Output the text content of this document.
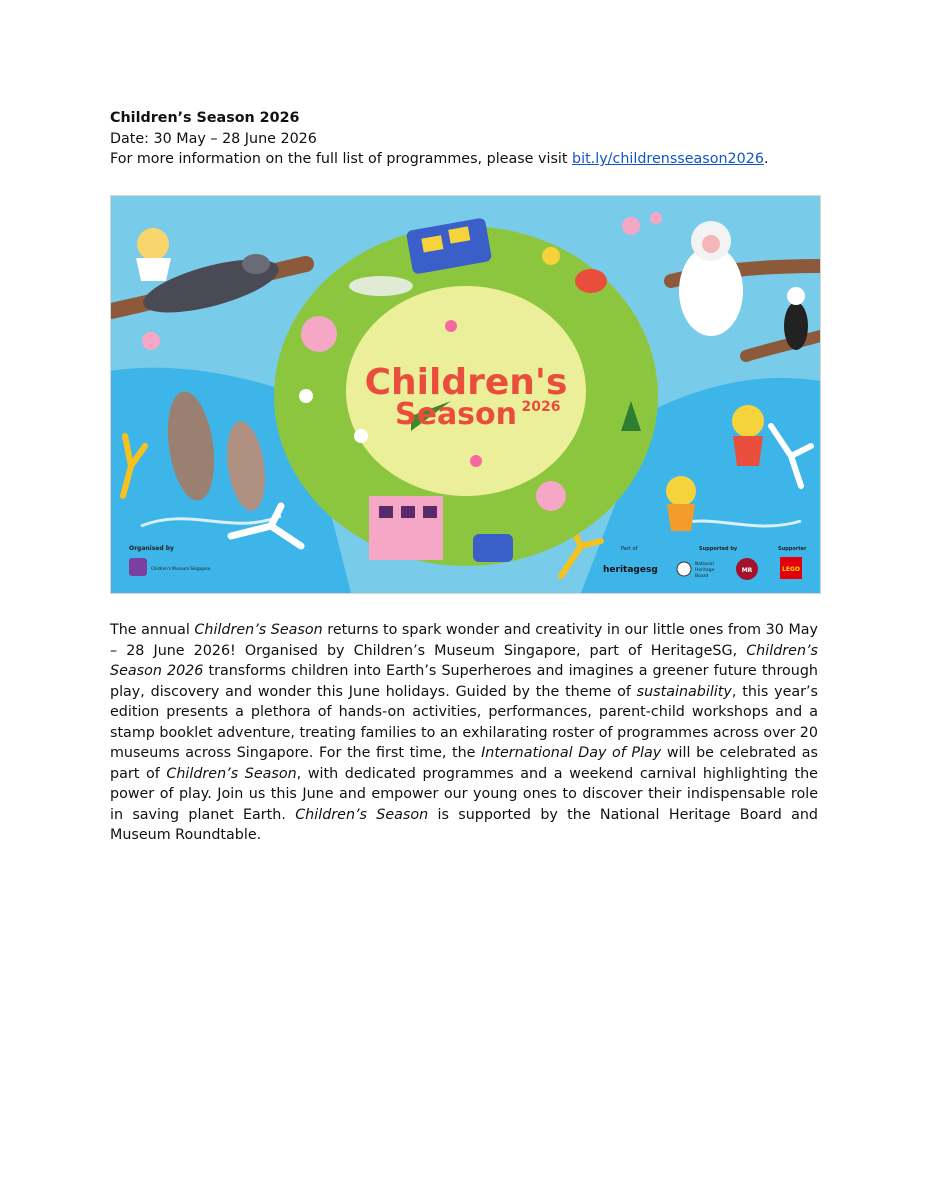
Children’s Season 2026
Date: 30 May – 28 June 2026
For more information on the full list of programmes, please visit bit.ly/childrensseason2026.
Children's
Season 2026
Organised by
Children's Museum Singapore
Part of
heritagesg
Supported by
National
Heritage
Board
MR
Supporter
LEGO
The annual Children’s Season returns to spark wonder and creativity in our little ones from 30 May – 28 June 2026! Organised by Children’s Museum Singapore, part of HeritageSG, Children’s Season 2026 transforms children into Earth’s Superheroes and imagines a greener future through play, discovery and wonder this June holidays. Guided by the theme of sustainability, this year’s edition presents a plethora of hands-on activities, performances, parent-child workshops and a stamp booklet adventure, treating families to an exhilarating roster of programmes across over 20 museums across Singapore. For the first time, the International Day of Play will be celebrated as part of Children’s Season, with dedicated programmes and a weekend carnival highlighting the power of play. Join us this June and empower our young ones to discover their indispensable role in saving planet Earth. Children’s Season is supported by the National Heritage Board and Museum Roundtable.
